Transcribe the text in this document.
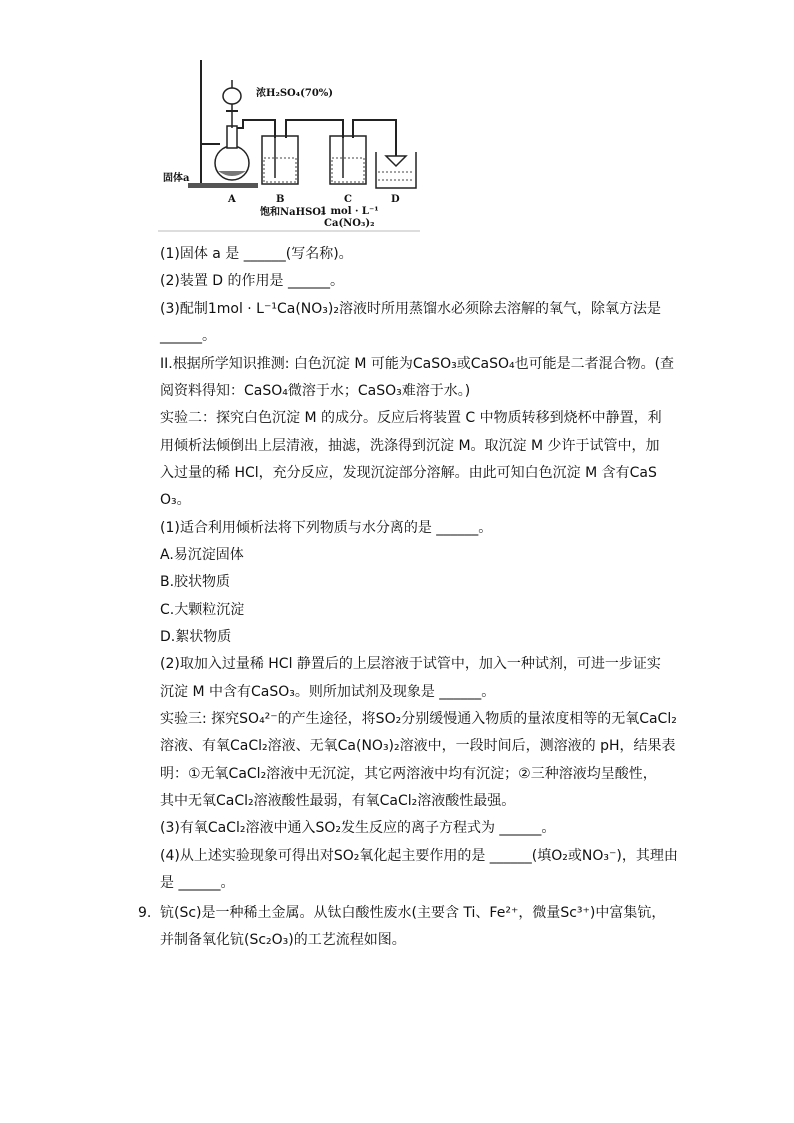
浓H₂SO₄(70%)
固体a
A	B	C	D
饱和NaHSO₃
1 mol · L⁻¹
Ca(NO₃)₂
(1)固体 a 是 ______(写名称)。
(2)装置 D 的作用是 ______。
(3)配制1mol · L⁻¹Ca(NO₃)₂溶液时所用蒸馏水必须除去溶解的氧气，除氧方法是
______。
II.根据所学知识推测: 白色沉淀 M 可能为CaSO₃或CaSO₄也可能是二者混合物。(查
阅资料得知：CaSO₄微溶于水；CaSO₃难溶于水。)
实验二：探究白色沉淀 M 的成分。反应后将装置 C 中物质转移到烧杯中静置，利
用倾析法倾倒出上层清液，抽滤，洗涤得到沉淀 M。取沉淀 M 少许于试管中，加
入过量的稀 HCl，充分反应，发现沉淀部分溶解。由此可知白色沉淀 M 含有CaS
O₃。
(1)适合利用倾析法将下列物质与水分离的是 ______。
A.易沉淀固体
B.胶状物质
C.大颗粒沉淀
D.絮状物质
(2)取加入过量稀 HCl 静置后的上层溶液于试管中，加入一种试剂，可进一步证实
沉淀 M 中含有CaSO₃。则所加试剂及现象是 ______。
实验三: 探究SO₄²⁻的产生途径，将SO₂分别缓慢通入物质的量浓度相等的无氧CaCl₂
溶液、有氧CaCl₂溶液、无氧Ca(NO₃)₂溶液中，一段时间后，测溶液的 pH，结果表
明：①无氧CaCl₂溶液中无沉淀，其它两溶液中均有沉淀；②三种溶液均呈酸性，
其中无氧CaCl₂溶液酸性最弱，有氧CaCl₂溶液酸性最强。
(3)有氧CaCl₂溶液中通入SO₂发生反应的离子方程式为 ______。
(4)从上述实验现象可得出对SO₂氧化起主要作用的是 ______(填O₂或NO₃⁻)，其理由
是 ______。
9. 钪(Sc)是一种稀土金属。从钛白酸性废水(主要含 Ti、Fe²⁺，微量Sc³⁺)中富集钪，
并制备氧化钪(Sc₂O₃)的工艺流程如图。
